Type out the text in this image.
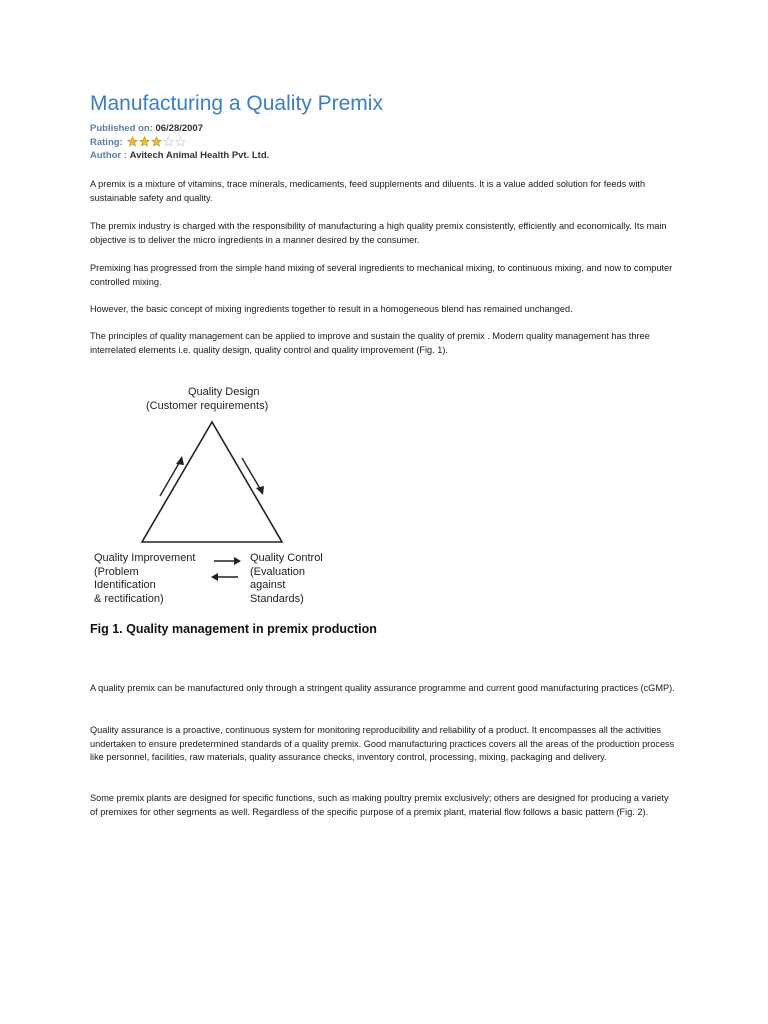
Manufacturing a Quality Premix
Published on: 06/28/2007
Rating:
Author : Avitech Animal Health Pvt. Ltd.

A premix is a mixture of vitamins, trace minerals, medicaments, feed supplements and diluents. It is a value added solution for feeds with sustainable safety and quality.

The premix industry is charged with the responsibility of manufacturing a high quality premix consistently, efficiently and economically. Its main objective is to deliver the micro ingredients in a manner desired by the consumer.

Premixing has progressed from the simple hand mixing of several ingredients to mechanical mixing, to continuous mixing, and now to computer controlled mixing.

However, the basic concept of mixing ingredients together to result in a homogeneous blend has remained unchanged.

The principles of quality management can be applied to improve and sustain the quality of premix . Modern quality management has three interrelated elements i.e. quality design, quality control and quality improvement (Fig. 1).

Quality Design
(Customer requirements)
Quality Improvement
(Problem
Identification
& rectification)
Quality Control
(Evaluation
against
Standards)
Fig 1. Quality management in premix production

A quality premix can be manufactured only through a stringent quality assurance programme and current good manufacturing practices (cGMP).

Quality assurance is a proactive, continuous system for monitoring reproducibility and reliability of a product. It encompasses all the activities undertaken to ensure predetermined standards of a quality premix. Good manufacturing practices covers all the areas of the production process like personnel, facilities, raw materials, quality assurance checks, inventory control, processing, mixing, packaging and delivery.

Some premix plants are designed for specific functions, such as making poultry premix exclusively; others are designed for producing a variety of premixes for other segments as well. Regardless of the specific purpose of a premix plant, material flow follows a basic pattern (Fig. 2).
